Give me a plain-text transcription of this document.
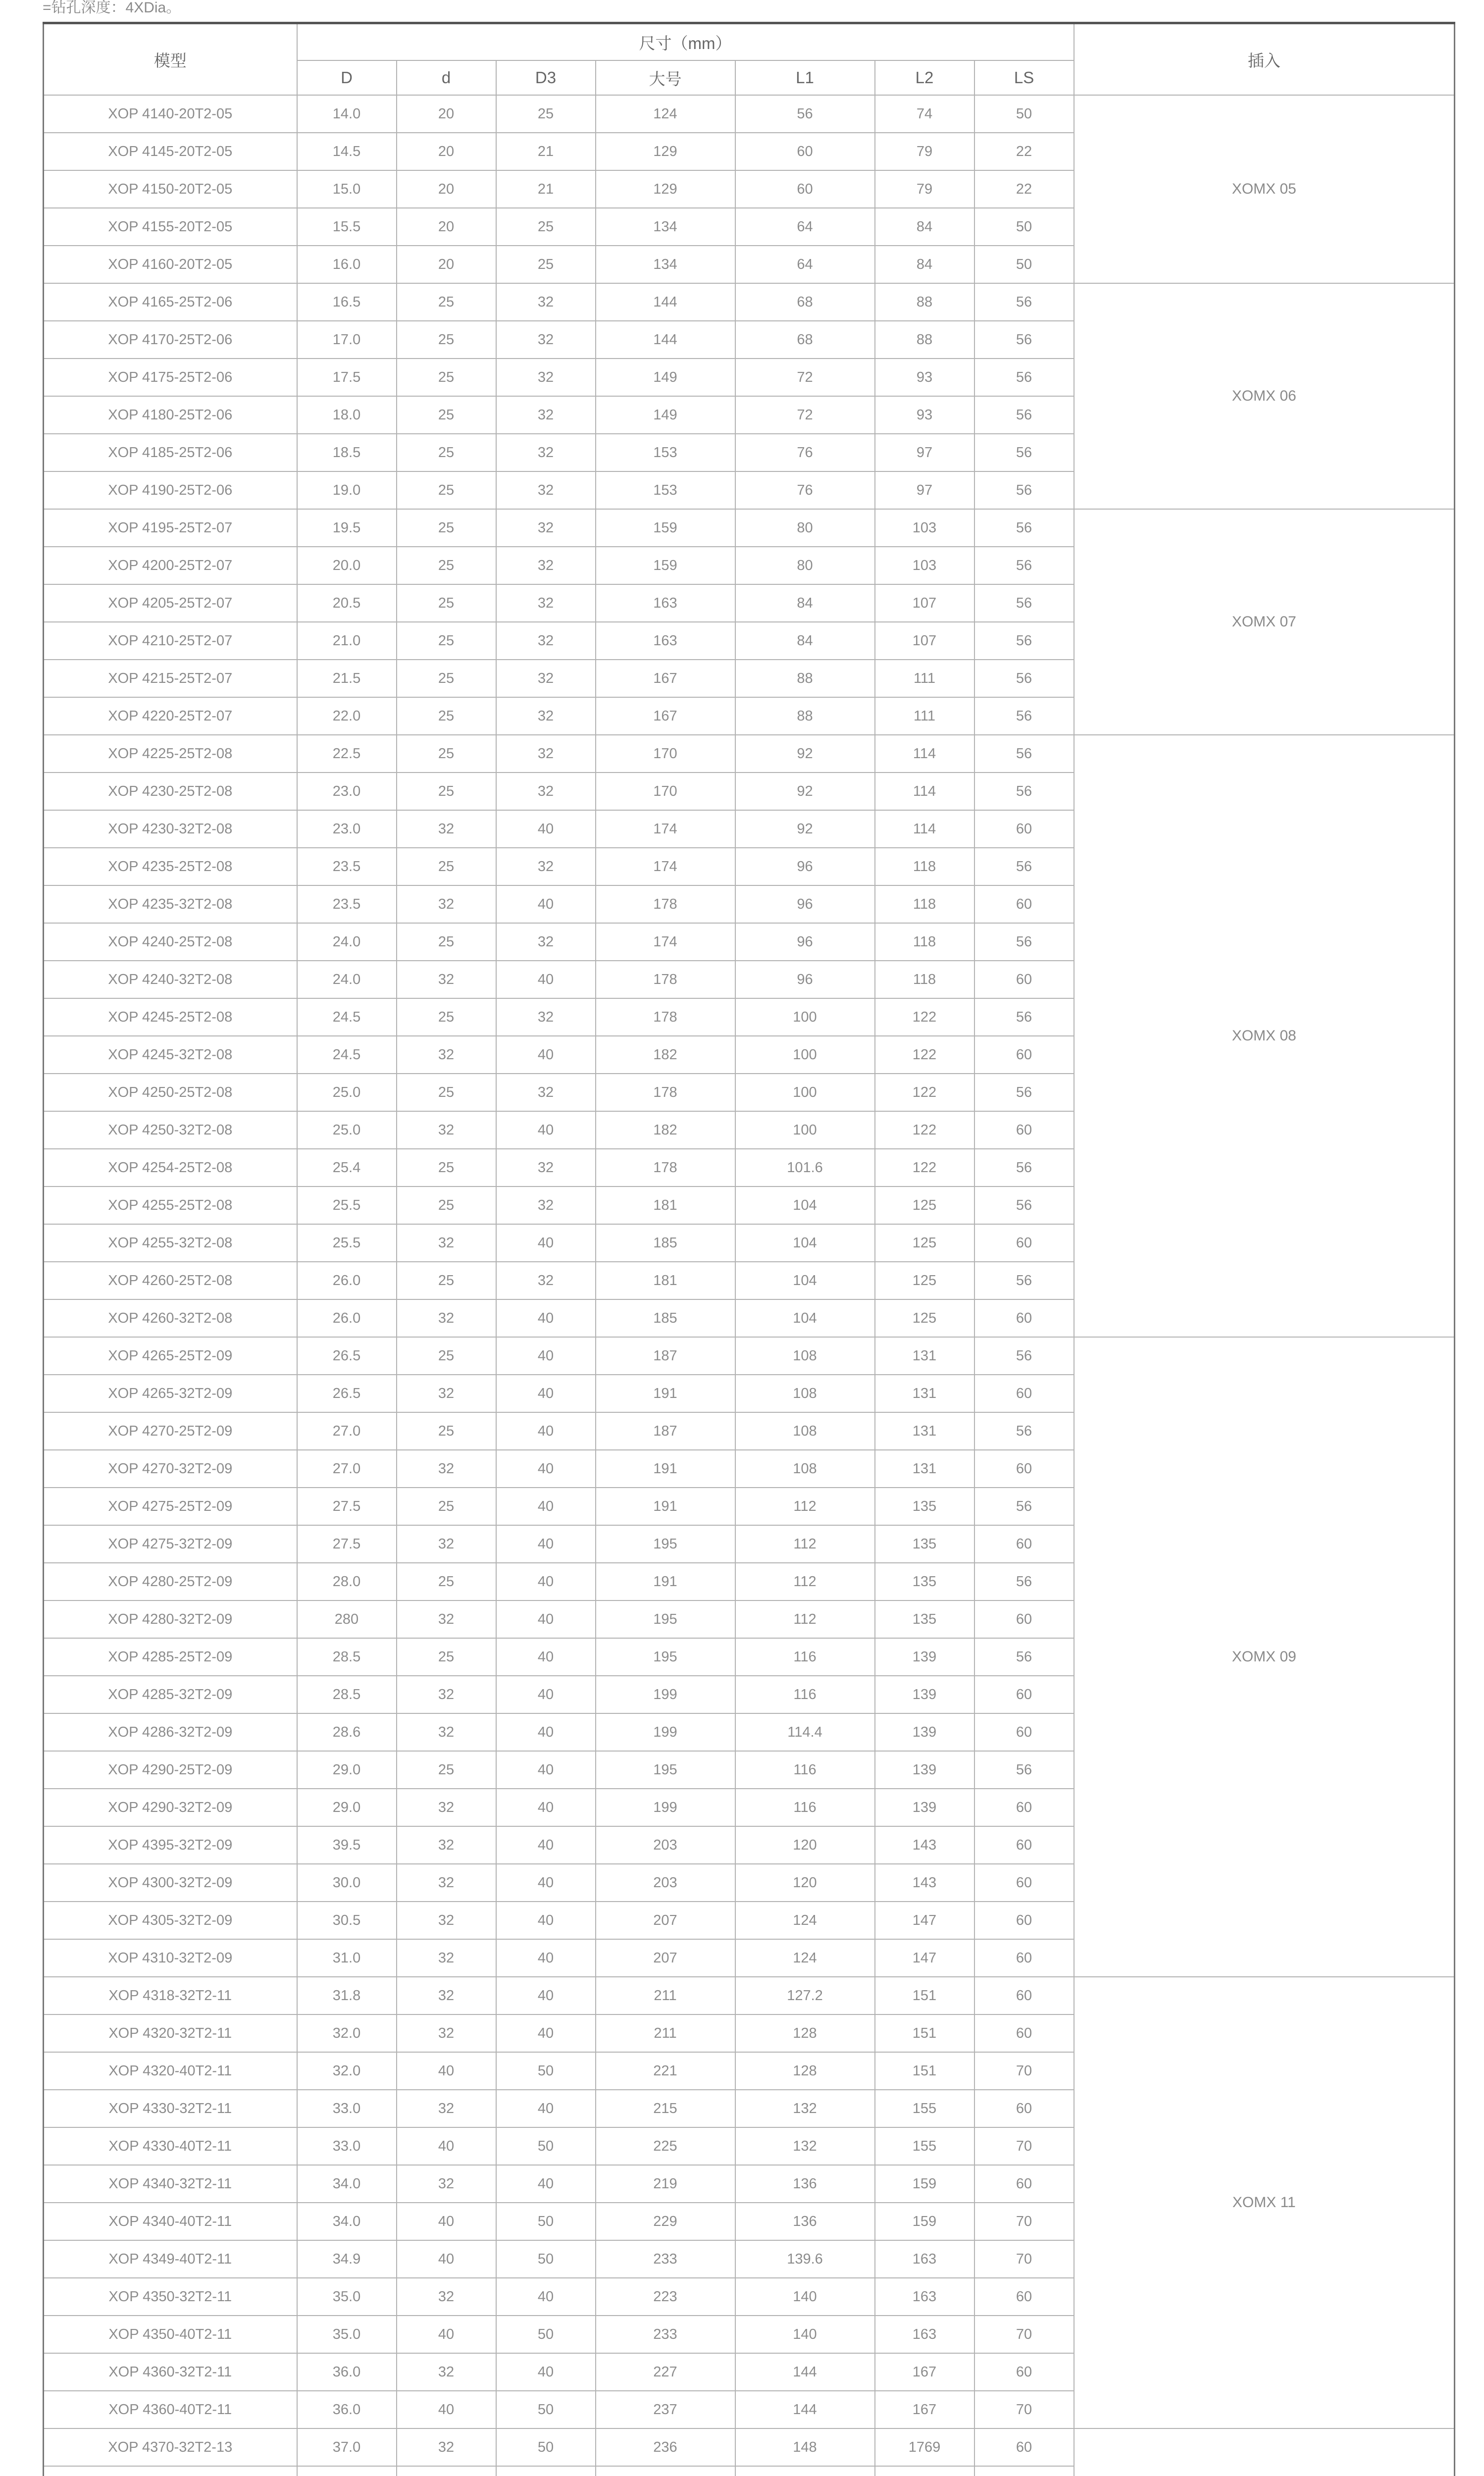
=钻孔深度：4XDia。
模型	尺寸（mm）							插入
	D	d	D3	大号	L1	L2	LS	
XOP 4140-20T2-05	14.0	20	25	124	56	74	50	XOMX 05
XOP 4145-20T2-05	14.5	20	21	129	60	79	22	
XOP 4150-20T2-05	15.0	20	21	129	60	79	22	
XOP 4155-20T2-05	15.5	20	25	134	64	84	50	
XOP 4160-20T2-05	16.0	20	25	134	64	84	50	
XOP 4165-25T2-06	16.5	25	32	144	68	88	56	XOMX 06
XOP 4170-25T2-06	17.0	25	32	144	68	88	56	
XOP 4175-25T2-06	17.5	25	32	149	72	93	56	
XOP 4180-25T2-06	18.0	25	32	149	72	93	56	
XOP 4185-25T2-06	18.5	25	32	153	76	97	56	
XOP 4190-25T2-06	19.0	25	32	153	76	97	56	
XOP 4195-25T2-07	19.5	25	32	159	80	103	56	XOMX 07
XOP 4200-25T2-07	20.0	25	32	159	80	103	56	
XOP 4205-25T2-07	20.5	25	32	163	84	107	56	
XOP 4210-25T2-07	21.0	25	32	163	84	107	56	
XOP 4215-25T2-07	21.5	25	32	167	88	111	56	
XOP 4220-25T2-07	22.0	25	32	167	88	111	56	
XOP 4225-25T2-08	22.5	25	32	170	92	114	56	XOMX 08
XOP 4230-25T2-08	23.0	25	32	170	92	114	56	
XOP 4230-32T2-08	23.0	32	40	174	92	114	60	
XOP 4235-25T2-08	23.5	25	32	174	96	118	56	
XOP 4235-32T2-08	23.5	32	40	178	96	118	60	
XOP 4240-25T2-08	24.0	25	32	174	96	118	56	
XOP 4240-32T2-08	24.0	32	40	178	96	118	60	
XOP 4245-25T2-08	24.5	25	32	178	100	122	56	
XOP 4245-32T2-08	24.5	32	40	182	100	122	60	
XOP 4250-25T2-08	25.0	25	32	178	100	122	56	
XOP 4250-32T2-08	25.0	32	40	182	100	122	60	
XOP 4254-25T2-08	25.4	25	32	178	101.6	122	56	
XOP 4255-25T2-08	25.5	25	32	181	104	125	56	
XOP 4255-32T2-08	25.5	32	40	185	104	125	60	
XOP 4260-25T2-08	26.0	25	32	181	104	125	56	
XOP 4260-32T2-08	26.0	32	40	185	104	125	60	
XOP 4265-25T2-09	26.5	25	40	187	108	131	56	XOMX 09
XOP 4265-32T2-09	26.5	32	40	191	108	131	60	
XOP 4270-25T2-09	27.0	25	40	187	108	131	56	
XOP 4270-32T2-09	27.0	32	40	191	108	131	60	
XOP 4275-25T2-09	27.5	25	40	191	112	135	56	
XOP 4275-32T2-09	27.5	32	40	195	112	135	60	
XOP 4280-25T2-09	28.0	25	40	191	112	135	56	
XOP 4280-32T2-09	280	32	40	195	112	135	60	
XOP 4285-25T2-09	28.5	25	40	195	116	139	56	
XOP 4285-32T2-09	28.5	32	40	199	116	139	60	
XOP 4286-32T2-09	28.6	32	40	199	114.4	139	60	
XOP 4290-25T2-09	29.0	25	40	195	116	139	56	
XOP 4290-32T2-09	29.0	32	40	199	116	139	60	
XOP 4395-32T2-09	39.5	32	40	203	120	143	60	
XOP 4300-32T2-09	30.0	32	40	203	120	143	60	
XOP 4305-32T2-09	30.5	32	40	207	124	147	60	
XOP 4310-32T2-09	31.0	32	40	207	124	147	60	
XOP 4318-32T2-11	31.8	32	40	211	127.2	151	60	XOMX 11
XOP 4320-32T2-11	32.0	32	40	211	128	151	60	
XOP 4320-40T2-11	32.0	40	50	221	128	151	70	
XOP 4330-32T2-11	33.0	32	40	215	132	155	60	
XOP 4330-40T2-11	33.0	40	50	225	132	155	70	
XOP 4340-32T2-11	34.0	32	40	219	136	159	60	
XOP 4340-40T2-11	34.0	40	50	229	136	159	70	
XOP 4349-40T2-11	34.9	40	50	233	139.6	163	70	
XOP 4350-32T2-11	35.0	32	40	223	140	163	60	
XOP 4350-40T2-11	35.0	40	50	233	140	163	70	
XOP 4360-32T2-11	36.0	32	40	227	144	167	60	
XOP 4360-40T2-11	36.0	40	50	237	144	167	70	
XOP 4370-32T2-13	37.0	32	50	236	148	1769	60	
